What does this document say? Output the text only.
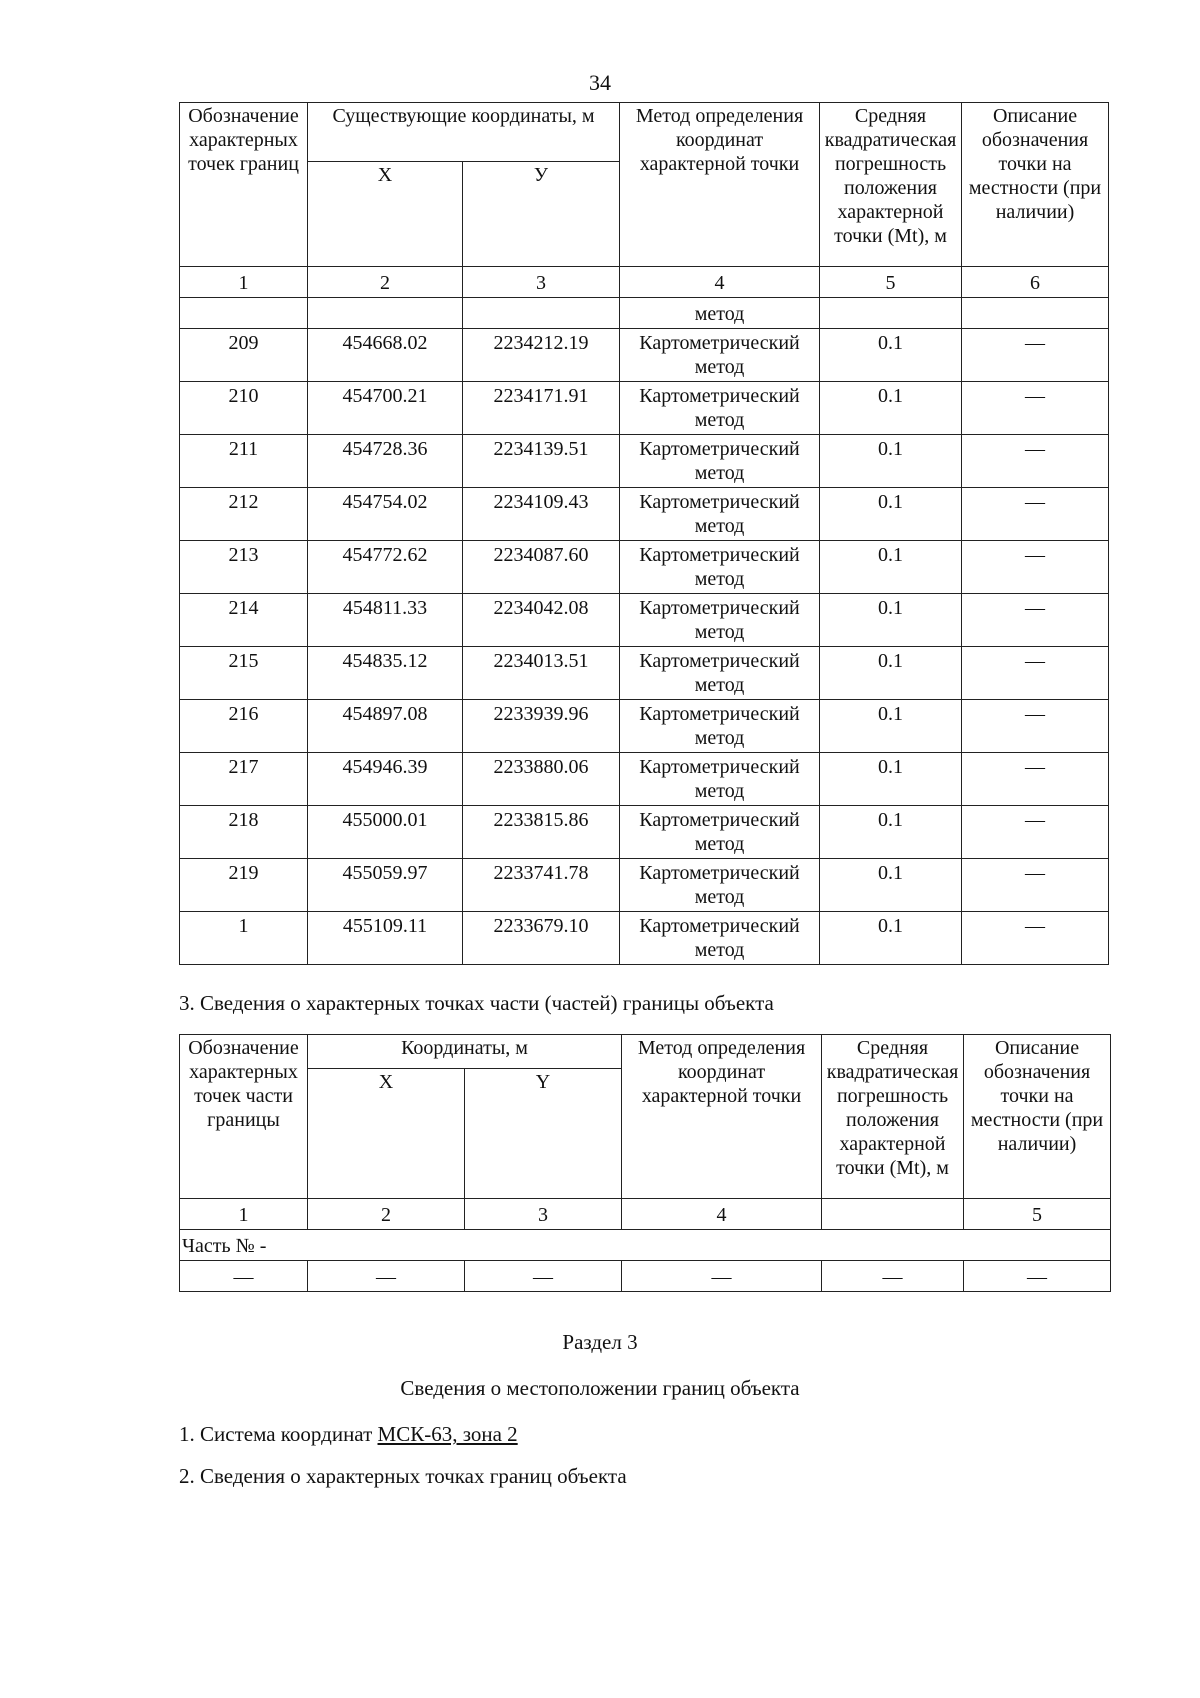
34
Обозначение характерных точек границ	Существующие координаты, м		Метод определения координат характерной точки	Средняя квадратическая погрешность положения характерной точки (Mt), м	Описание обозначения точки на местности (при наличии)
	X	У			
1	2	3	4	5	6
			метод		
209	454668.02	2234212.19	Картометрический метод	0.1	—
210	454700.21	2234171.91	Картометрический метод	0.1	—
211	454728.36	2234139.51	Картометрический метод	0.1	—
212	454754.02	2234109.43	Картометрический метод	0.1	—
213	454772.62	2234087.60	Картометрический метод	0.1	—
214	454811.33	2234042.08	Картометрический метод	0.1	—
215	454835.12	2234013.51	Картометрический метод	0.1	—
216	454897.08	2233939.96	Картометрический метод	0.1	—
217	454946.39	2233880.06	Картометрический метод	0.1	—
218	455000.01	2233815.86	Картометрический метод	0.1	—
219	455059.97	2233741.78	Картометрический метод	0.1	—
1	455109.11	2233679.10	Картометрический метод	0.1	—
3. Сведения о характерных точках части (частей) границы объекта
Обозначение характерных точек части границы	Координаты, м		Метод определения координат характерной точки	Средняя квадратическая погрешность положения характерной точки (Mt), м	Описание обозначения точки на местности (при наличии)
	X	Y			
1	2	3	4		5
Часть № -					
—	—	—	—	—	—
Раздел 3
Сведения о местоположении границ объекта
1. Система координат МСК-63, зона 2
2. Сведения о характерных точках границ объекта
